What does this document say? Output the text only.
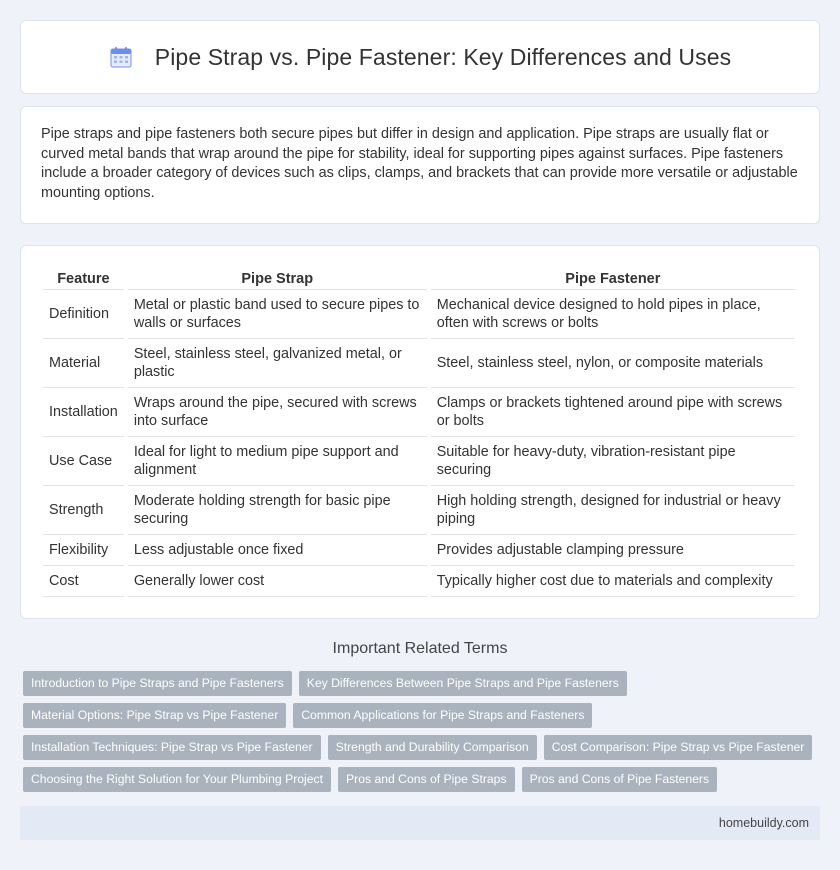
Pipe Strap vs. Pipe Fastener: Key Differences and Uses

Pipe straps and pipe fasteners both secure pipes but differ in design and application. Pipe straps are usually flat or curved metal bands that wrap around the pipe for stability, ideal for supporting pipes against surfaces. Pipe fasteners include a broader category of devices such as clips, clamps, and brackets that can provide more versatile or adjustable mounting options.

Feature	Pipe Strap	Pipe Fastener
Definition	Metal or plastic band used to secure pipes to walls or surfaces	Mechanical device designed to hold pipes in place, often with screws or bolts
Material	Steel, stainless steel, galvanized metal, or plastic	Steel, stainless steel, nylon, or composite materials
Installation	Wraps around the pipe, secured with screws into surface	Clamps or brackets tightened around pipe with screws or bolts
Use Case	Ideal for light to medium pipe support and alignment	Suitable for heavy-duty, vibration-resistant pipe securing
Strength	Moderate holding strength for basic pipe securing	High holding strength, designed for industrial or heavy piping
Flexibility	Less adjustable once fixed	Provides adjustable clamping pressure
Cost	Generally lower cost	Typically higher cost due to materials and complexity
Important Related Terms
Introduction to Pipe Straps and Pipe Fasteners	Key Differences Between Pipe Straps and Pipe Fasteners
Material Options: Pipe Strap vs Pipe Fastener	Common Applications for Pipe Straps and Fasteners
Installation Techniques: Pipe Strap vs Pipe Fastener	Strength and Durability Comparison	Cost Comparison: Pipe Strap vs Pipe Fastener
Choosing the Right Solution for Your Plumbing Project	Pros and Cons of Pipe Straps	Pros and Cons of Pipe Fasteners
homebuildy.com
